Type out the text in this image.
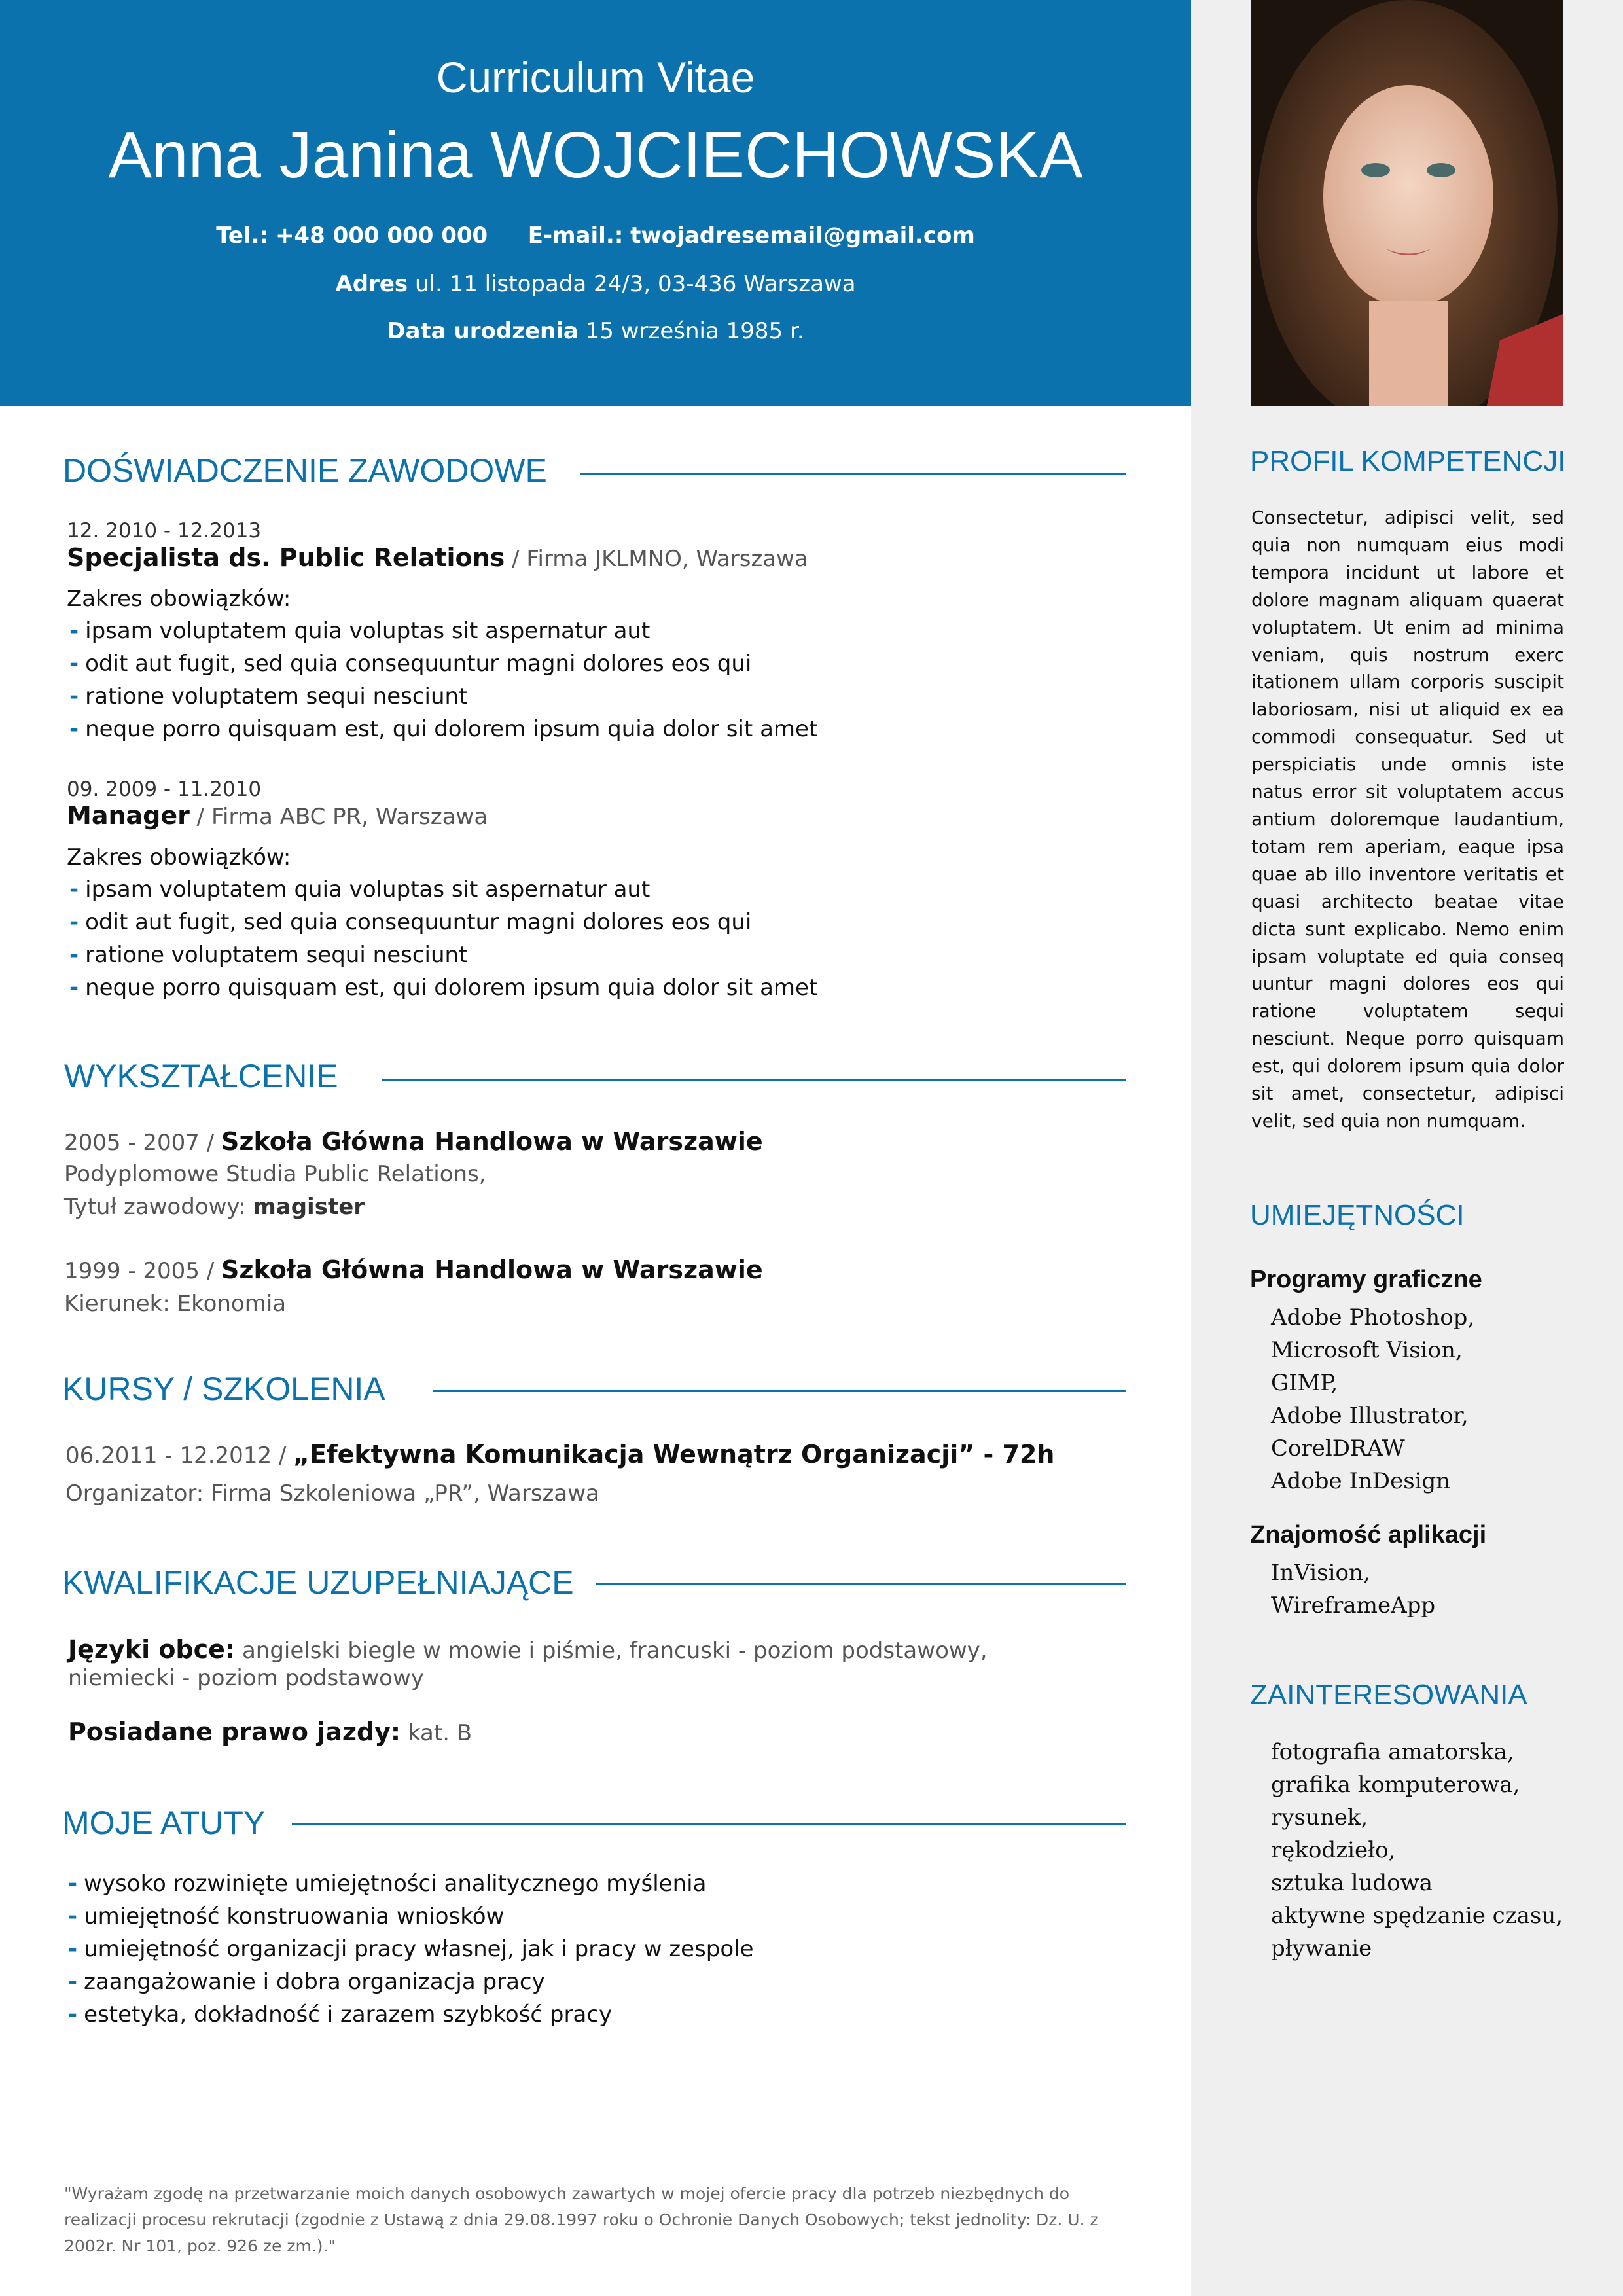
Curriculum Vitae
Anna Janina WOJCIECHOWSKA
Tel.: +48 000 000 000 E-mail.: twojadresemail@gmail.com
Adres ul. 11 listopada 24/3, 03-436 Warszawa
Data urodzenia 15 września 1985 r.
DOŚWIADCZENIE ZAWODOWE
12. 2010 - 12.2013
Specjalista ds. Public Relations / Firma JKLMNO, Warszawa
Zakres obowiązków:
- ipsam voluptatem quia voluptas sit aspernatur aut
- odit aut fugit, sed quia consequuntur magni dolores eos qui
- ratione voluptatem sequi nesciunt
- neque porro quisquam est, qui dolorem ipsum quia dolor sit amet
09. 2009 - 11.2010
Manager / Firma ABC PR, Warszawa
Zakres obowiązków:
- ipsam voluptatem quia voluptas sit aspernatur aut
- odit aut fugit, sed quia consequuntur magni dolores eos qui
- ratione voluptatem sequi nesciunt
- neque porro quisquam est, qui dolorem ipsum quia dolor sit amet
WYKSZTAŁCENIE
2005 - 2007 / Szkoła Główna Handlowa w Warszawie
Podyplomowe Studia Public Relations,
Tytuł zawodowy: magister
1999 - 2005 / Szkoła Główna Handlowa w Warszawie
Kierunek: Ekonomia
KURSY / SZKOLENIA
06.2011 - 12.2012 / „Efektywna Komunikacja Wewnątrz Organizacji” - 72h
Organizator: Firma Szkoleniowa „PR”, Warszawa
KWALIFIKACJE UZUPEŁNIAJĄCE
Języki obce: angielski biegle w mowie i piśmie, francuski - poziom podstawowy,
niemiecki - poziom podstawowy
Posiadane prawo jazdy: kat. B
MOJE ATUTY
- wysoko rozwinięte umiejętności analitycznego myślenia
- umiejętność konstruowania wniosków
- umiejętność organizacji pracy własnej, jak i pracy w zespole
- zaangażowanie i dobra organizacja pracy
- estetyka, dokładność i zarazem szybkość pracy
PROFIL KOMPETENCJI
Consectetur, adipisci velit, sed quia non numquam eius modi tempora incidunt ut labore et dolore magnam aliquam quaerat voluptatem. Ut enim ad minima veniam, quis nostrum exerc itationem ullam corporis suscipit laboriosam, nisi ut aliquid ex ea commodi consequatur. Sed ut perspiciatis unde omnis iste natus error sit voluptatem accus antium doloremque laudantium, totam rem aperiam, eaque ipsa quae ab illo inventore veritatis et quasi architecto beatae vitae dicta sunt explicabo. Nemo enim ipsam voluptate ed quia conseq uuntur magni dolores eos qui ratione voluptatem sequi nesciunt. Neque porro quisquam est, qui dolorem ipsum quia dolor sit amet, consectetur, adipisci velit, sed quia non numquam.
UMIEJĘTNOŚCI
Programy graficzne
Adobe Photoshop,
Microsoft Vision,
GIMP,
Adobe Illustrator,
CorelDRAW
Adobe InDesign
Znajomość aplikacji
InVision,
WireframeApp
ZAINTERESOWANIA
fotografia amatorska,
grafika komputerowa,
rysunek,
rękodzieło,
sztuka ludowa
aktywne spędzanie czasu,
pływanie
"Wyrażam zgodę na przetwarzanie moich danych osobowych zawartych w mojej ofercie pracy dla potrzeb niezbędnych do
realizacji procesu rekrutacji (zgodnie z Ustawą z dnia 29.08.1997 roku o Ochronie Danych Osobowych; tekst jednolity: Dz. U. z
2002r. Nr 101, poz. 926 ze zm.)."
